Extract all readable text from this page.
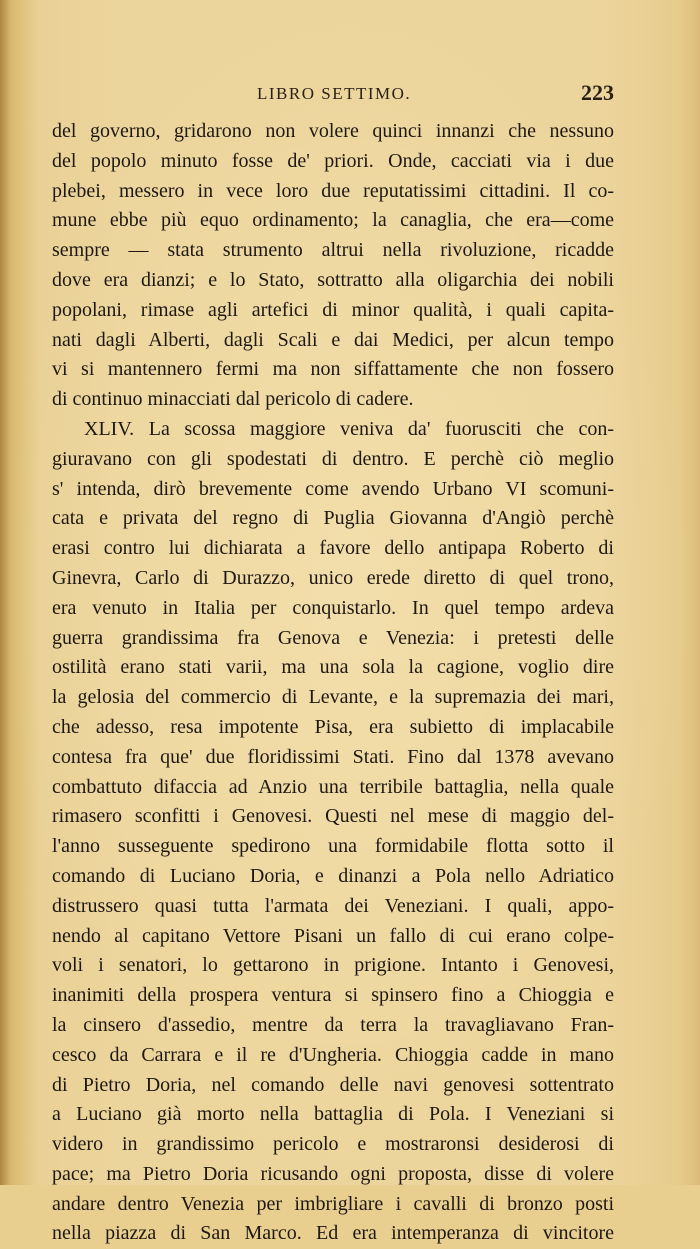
LIBRO SETTIMO.	223
del governo, gridarono non volere quinci innanzi che nessuno
del popolo minuto fosse de' priori. Onde, cacciati via i due
plebei, messero in vece loro due reputatissimi cittadini. Il co-
mune ebbe più equo ordinamento; la canaglia, che era—come
sempre — stata strumento altrui nella rivoluzione, ricadde
dove era dianzi; e lo Stato, sottratto alla oligarchia dei nobili
popolani, rimase agli artefici di minor qualità, i quali capita-
nati dagli Alberti, dagli Scali e dai Medici, per alcun tempo
vi si mantennero fermi ma non siffattamente che non fossero
di continuo minacciati dal pericolo di cadere.
XLIV. La scossa maggiore veniva da' fuorusciti che con-
giuravano con gli spodestati di dentro. E perchè ciò meglio
s' intenda, dirò brevemente come avendo Urbano VI scomuni-
cata e privata del regno di Puglia Giovanna d'Angiò perchè
erasi contro lui dichiarata a favore dello antipapa Roberto di
Ginevra, Carlo di Durazzo, unico erede diretto di quel trono,
era venuto in Italia per conquistarlo. In quel tempo ardeva
guerra grandissima fra Genova e Venezia: i pretesti delle
ostilità erano stati varii, ma una sola la cagione, voglio dire
la gelosia del commercio di Levante, e la supremazia dei mari,
che adesso, resa impotente Pisa, era subietto di implacabile
contesa fra que' due floridissimi Stati. Fino dal 1378 avevano
combattuto difaccia ad Anzio una terribile battaglia, nella quale
rimasero sconfitti i Genovesi. Questi nel mese di maggio del-
l'anno susseguente spedirono una formidabile flotta sotto il
comando di Luciano Doria, e dinanzi a Pola nello Adriatico
distrussero quasi tutta l'armata dei Veneziani. I quali, appo-
nendo al capitano Vettore Pisani un fallo di cui erano colpe-
voli i senatori, lo gettarono in prigione. Intanto i Genovesi,
inanimiti della prospera ventura si spinsero fino a Chioggia e
la cinsero d'assedio, mentre da terra la travagliavano Fran-
cesco da Carrara e il re d'Ungheria. Chioggia cadde in mano
di Pietro Doria, nel comando delle navi genovesi sottentrato
a Luciano già morto nella battaglia di Pola. I Veneziani si
videro in grandissimo pericolo e mostraronsi desiderosi di
pace; ma Pietro Doria ricusando ogni proposta, disse di volere
andare dentro Venezia per imbrigliare i cavalli di bronzo posti
nella piazza di San Marco. Ed era intemperanza di vincitore
